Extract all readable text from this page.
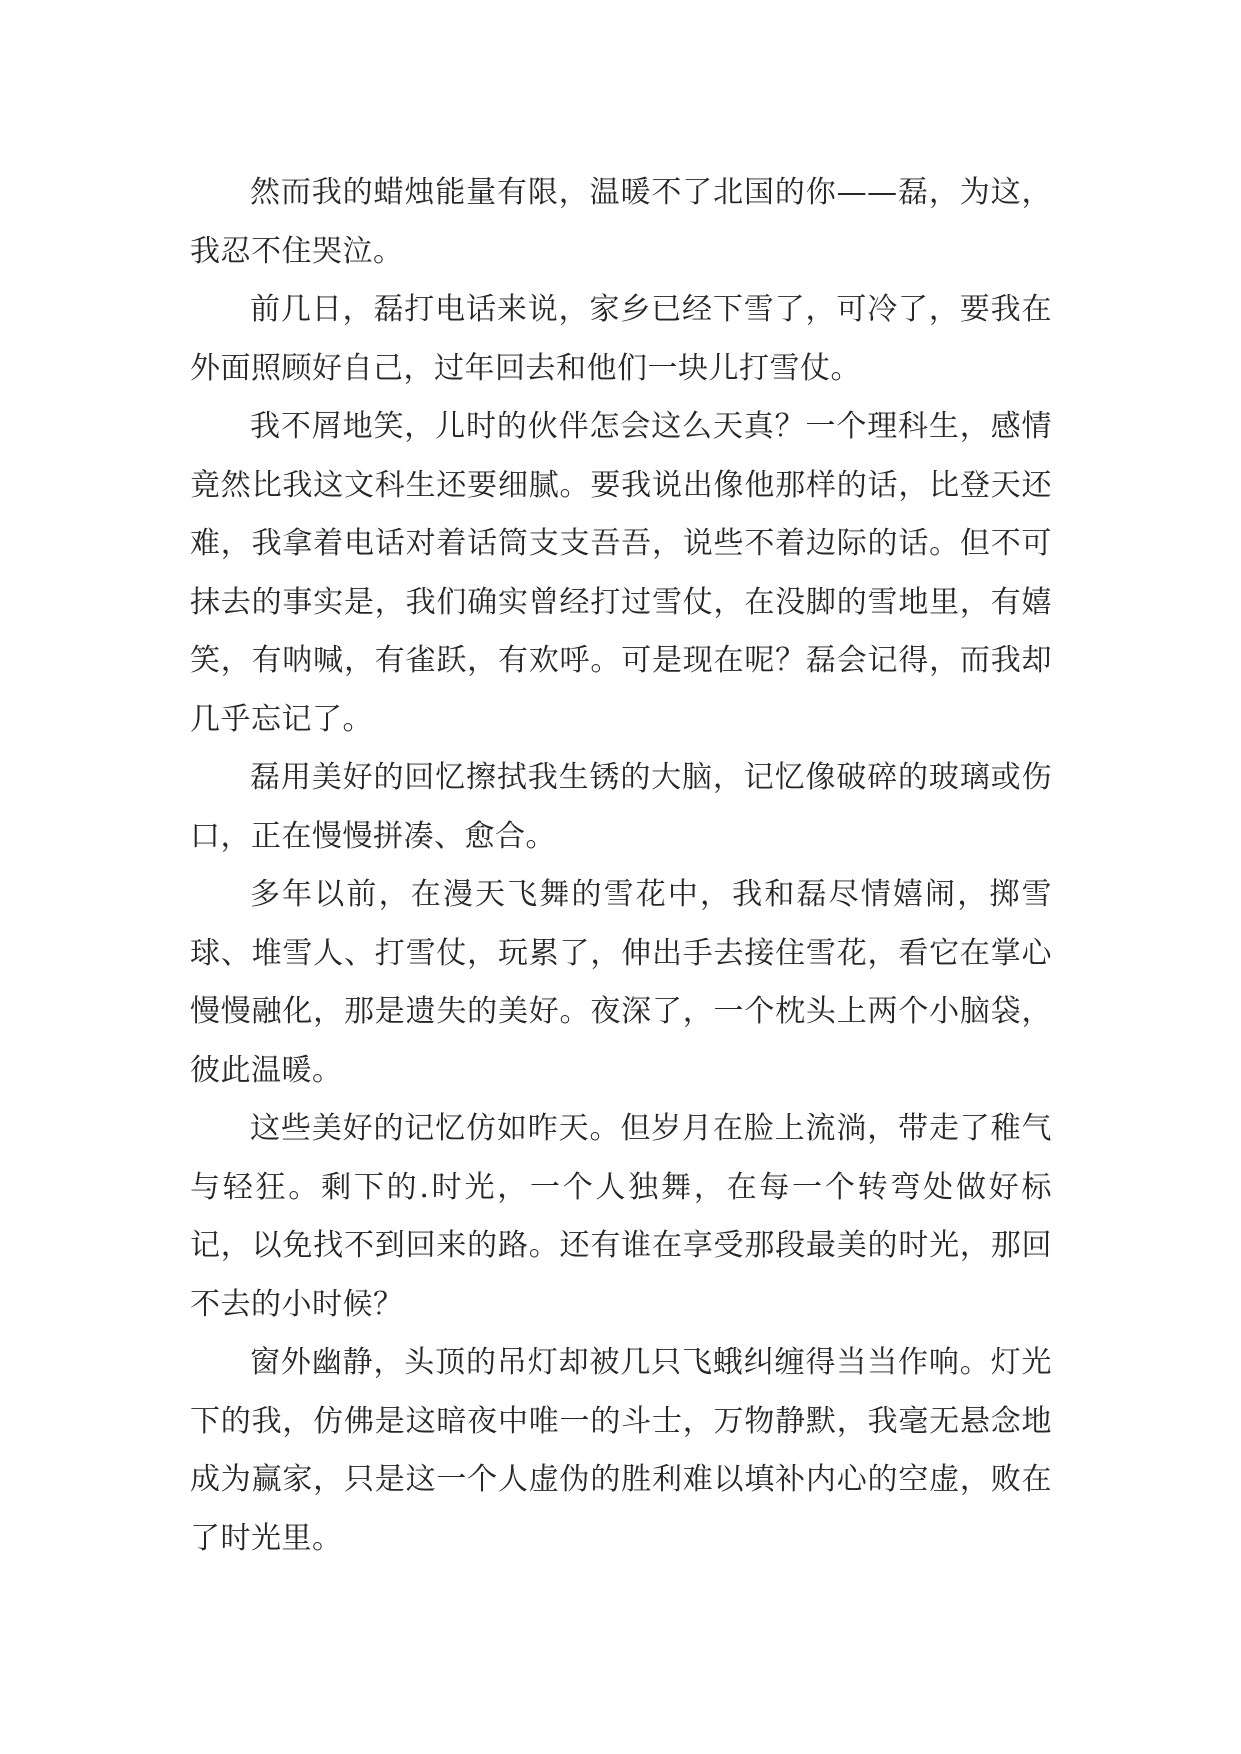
然而我的蜡烛能量有限，温暖不了北国的你——磊，为这，我忍不住哭泣。

前几日，磊打电话来说，家乡已经下雪了，可冷了，要我在外面照顾好自己，过年回去和他们一块儿打雪仗。

我不屑地笑，儿时的伙伴怎会这么天真？一个理科生，感情竟然比我这文科生还要细腻。要我说出像他那样的话，比登天还难，我拿着电话对着话筒支支吾吾，说些不着边际的话。但不可抹去的事实是，我们确实曾经打过雪仗，在没脚的雪地里，有嬉笑，有呐喊，有雀跃，有欢呼。可是现在呢？磊会记得，而我却几乎忘记了。

磊用美好的回忆擦拭我生锈的大脑，记忆像破碎的玻璃或伤口，正在慢慢拼凑、愈合。

多年以前，在漫天飞舞的雪花中，我和磊尽情嬉闹，掷雪球、堆雪人、打雪仗，玩累了，伸出手去接住雪花，看它在掌心慢慢融化，那是遗失的美好。夜深了，一个枕头上两个小脑袋，彼此温暖。

这些美好的记忆仿如昨天。但岁月在脸上流淌，带走了稚气与轻狂。剩下的.时光，一个人独舞，在每一个转弯处做好标记，以免找不到回来的路。还有谁在享受那段最美的时光，那回不去的小时候？

窗外幽静，头顶的吊灯却被几只飞蛾纠缠得当当作响。灯光下的我，仿佛是这暗夜中唯一的斗士，万物静默，我毫无悬念地成为赢家，只是这一个人虚伪的胜利难以填补内心的空虚，败在了时光里。
